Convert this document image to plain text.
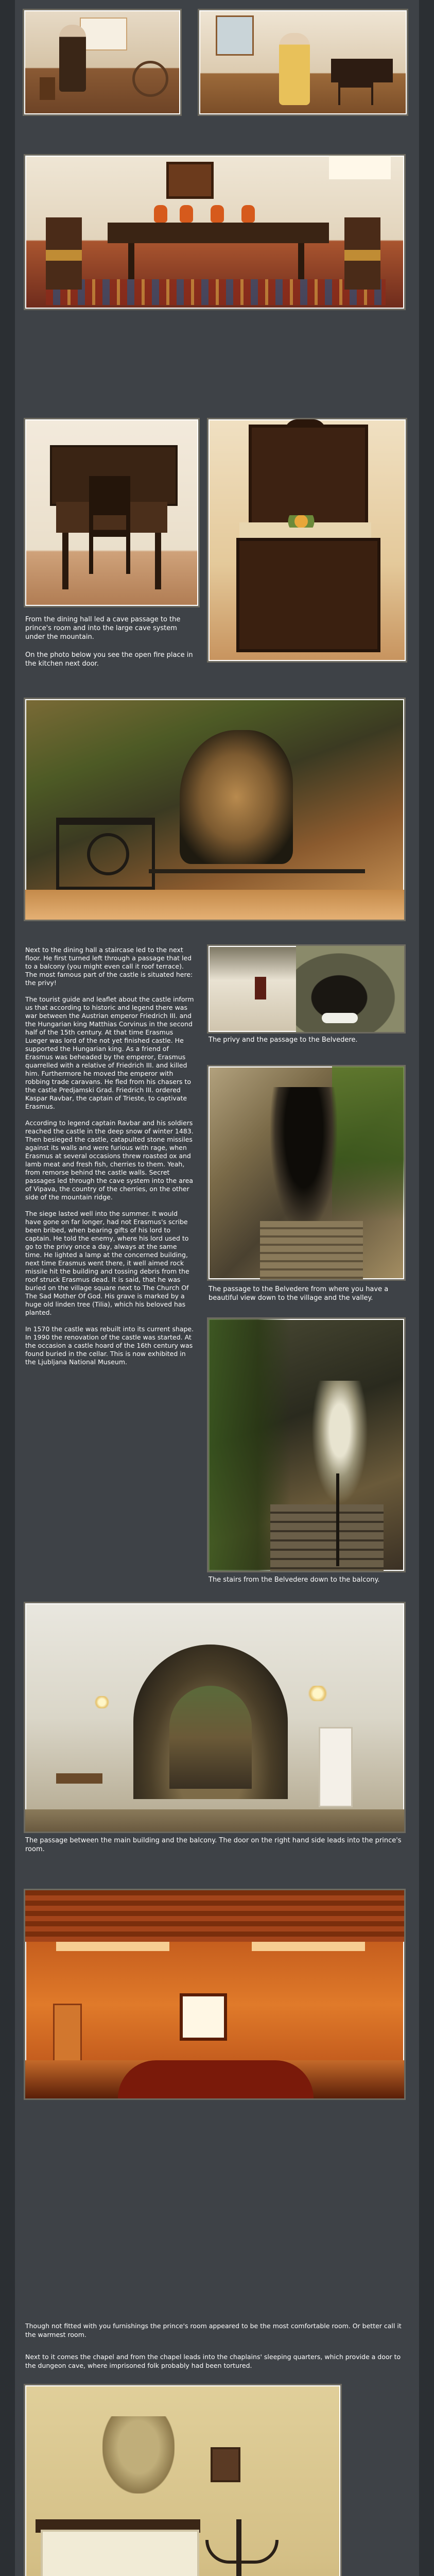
From the dining hall led a cave passage to the prince's room and into the large cave system under the mountain.
On the photo below you see the open fire place in the kitchen next door.

Next to the dining hall a staircase led to the next floor. He first turned left through a passage that led to a balcony (you might even call it roof terrace). The most famous part of the castle is situated here: the privy!

The tourist guide and leaflet about the castle inform us that according to historic and legend there was war between the Austrian emperor Friedrich III. and the Hungarian king Matthias Corvinus in the second half of the 15th century. At that time Erasmus Lueger was lord of the not yet finished castle. He supported the Hungarian king. As a friend of Erasmus was beheaded by the emperor, Erasmus quarrelled with a relative of Friedrich III. and killed him. Furthermore he moved the emperor with robbing trade caravans. He fled from his chasers to the castle Predjamski Grad. Friedrich III. ordered Kaspar Ravbar, the captain of Trieste, to captivate Erasmus.

According to legend captain Ravbar and his soldiers reached the castle in the deep snow of winter 1483. Then besieged the castle, catapulted stone missiles against its walls and were furious with rage, when Erasmus at several occasions threw roasted ox and lamb meat and fresh fish, cherries to them. Yeah, from remorse behind the castle walls. Secret passages led through the cave system into the area of Vipava, the country of the cherries, on the other side of the mountain ridge.

The siege lasted well into the summer. It would have gone on far longer, had not Erasmus's scribe been bribed, when bearing gifts of his lord to captain. He told the enemy, where his lord used to go to the privy once a day, always at the same time. He lighted a lamp at the concerned building, next time Erasmus went there, it well aimed rock missile hit the building and tossing debris from the roof struck Erasmus dead. It is said, that he was buried on the village square next to The Church Of The Sad Mother Of God. His grave is marked by a huge old linden tree (Tilia), which his beloved has planted.

In 1570 the castle was rebuilt into its current shape. In 1990 the renovation of the castle was started. At the occasion a castle hoard of the 16th century was found buried in the cellar. This is now exhibited in the Ljubljana National Museum.

The privy and the passage to the Belvedere.
The passage to the Belvedere from where you have a beautiful view down to the village and the valley.
The stairs from the Belvedere down to the balcony.
The passage between the main building and the balcony. The door on the right hand side leads into the prince's room.
Though not fitted with you furnishings the prince's room appeared to be the most comfortable room. Or better call it the warmest room.
Next to it comes the chapel and from the chapel leads into the chaplains' sleeping quarters, which provide a door to the dungeon cave, where imprisoned folk probably had been tortured.
